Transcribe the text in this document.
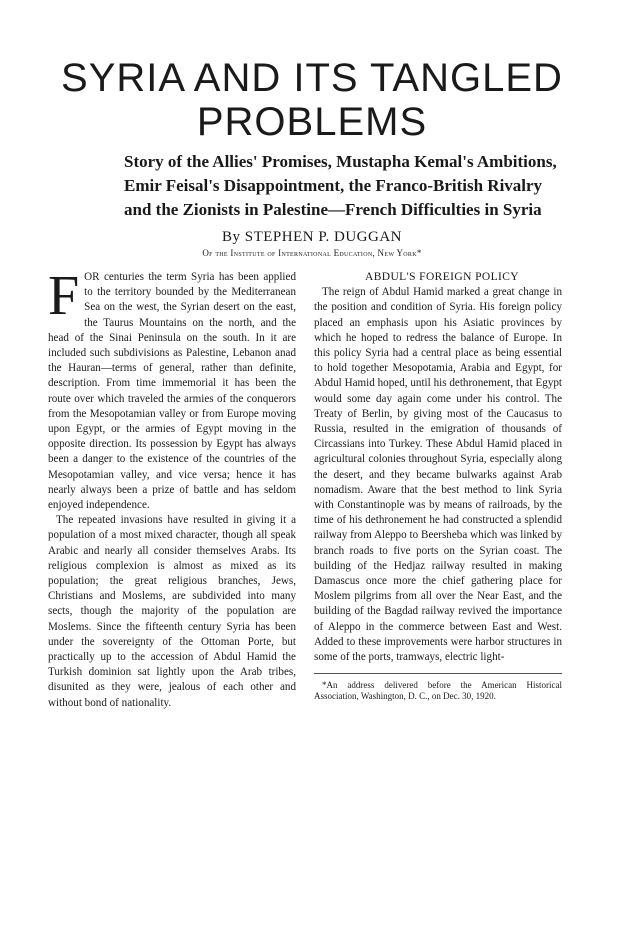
SYRIA AND ITS TANGLED
PROBLEMS
Story of the Allies' Promises, Mustapha Kemal's Ambitions,
Emir Feisal's Disappointment, the Franco-British Rivalry
and the Zionists in Palestine—French Difficulties in Syria

By STEPHEN P. DUGGAN

Of the Institute of International Education, New York*

FOR centuries the term Syria has been applied to the territory bounded by the Mediterranean Sea on the west, the Syrian desert on the east, the Taurus Mountains on the north, and the head of the Sinai Peninsula on the south. In it are included such subdivisions as Palestine, Lebanon anad the Hauran—terms of general, rather than definite, description. From time immemorial it has been the route over which traveled the armies of the conquerors from the Mesopotamian valley or from Europe moving upon Egypt, or the armies of Egypt moving in the opposite direction. Its possession by Egypt has always been a danger to the existence of the countries of the Mesopotamian valley, and vice versa; hence it has nearly always been a prize of battle and has seldom enjoyed independence.

The repeated invasions have resulted in giving it a population of a most mixed character, though all speak Arabic and nearly all consider themselves Arabs. Its religious complexion is almost as mixed as its population; the great religious branches, Jews, Christians and Moslems, are subdivided into many sects, though the majority of the population are Moslems. Since the fifteenth century Syria has been under the sovereignty of the Ottoman Porte, but practically up to the accession of Abdul Hamid the Turkish dominion sat lightly upon the Arab tribes, disunited as they were, jealous of each other and without bond of nationality.

ABDUL'S FOREIGN POLICY

The reign of Abdul Hamid marked a great change in the position and condition of Syria. His foreign policy placed an emphasis upon his Asiatic provinces by which he hoped to redress the balance of Europe. In this policy Syria had a central place as being essential to hold together Mesopotamia, Arabia and Egypt, for Abdul Hamid hoped, until his dethronement, that Egypt would some day again come under his control. The Treaty of Berlin, by giving most of the Caucasus to Russia, resulted in the emigration of thousands of Circassians into Turkey. These Abdul Hamid placed in agricultural colonies throughout Syria, especially along the desert, and they became bulwarks against Arab nomadism. Aware that the best method to link Syria with Constantinople was by means of railroads, by the time of his dethronement he had constructed a splendid railway from Aleppo to Beersheba which was linked by branch roads to five ports on the Syrian coast. The building of the Hedjaz railway resulted in making Damascus once more the chief gathering place for Moslem pilgrims from all over the Near East, and the building of the Bagdad railway revived the importance of Aleppo in the commerce between East and West. Added to these improvements were harbor structures in some of the ports, tramways, electric light-

*An address delivered before the American Historical Association, Washington, D. C., on Dec. 30, 1920.
